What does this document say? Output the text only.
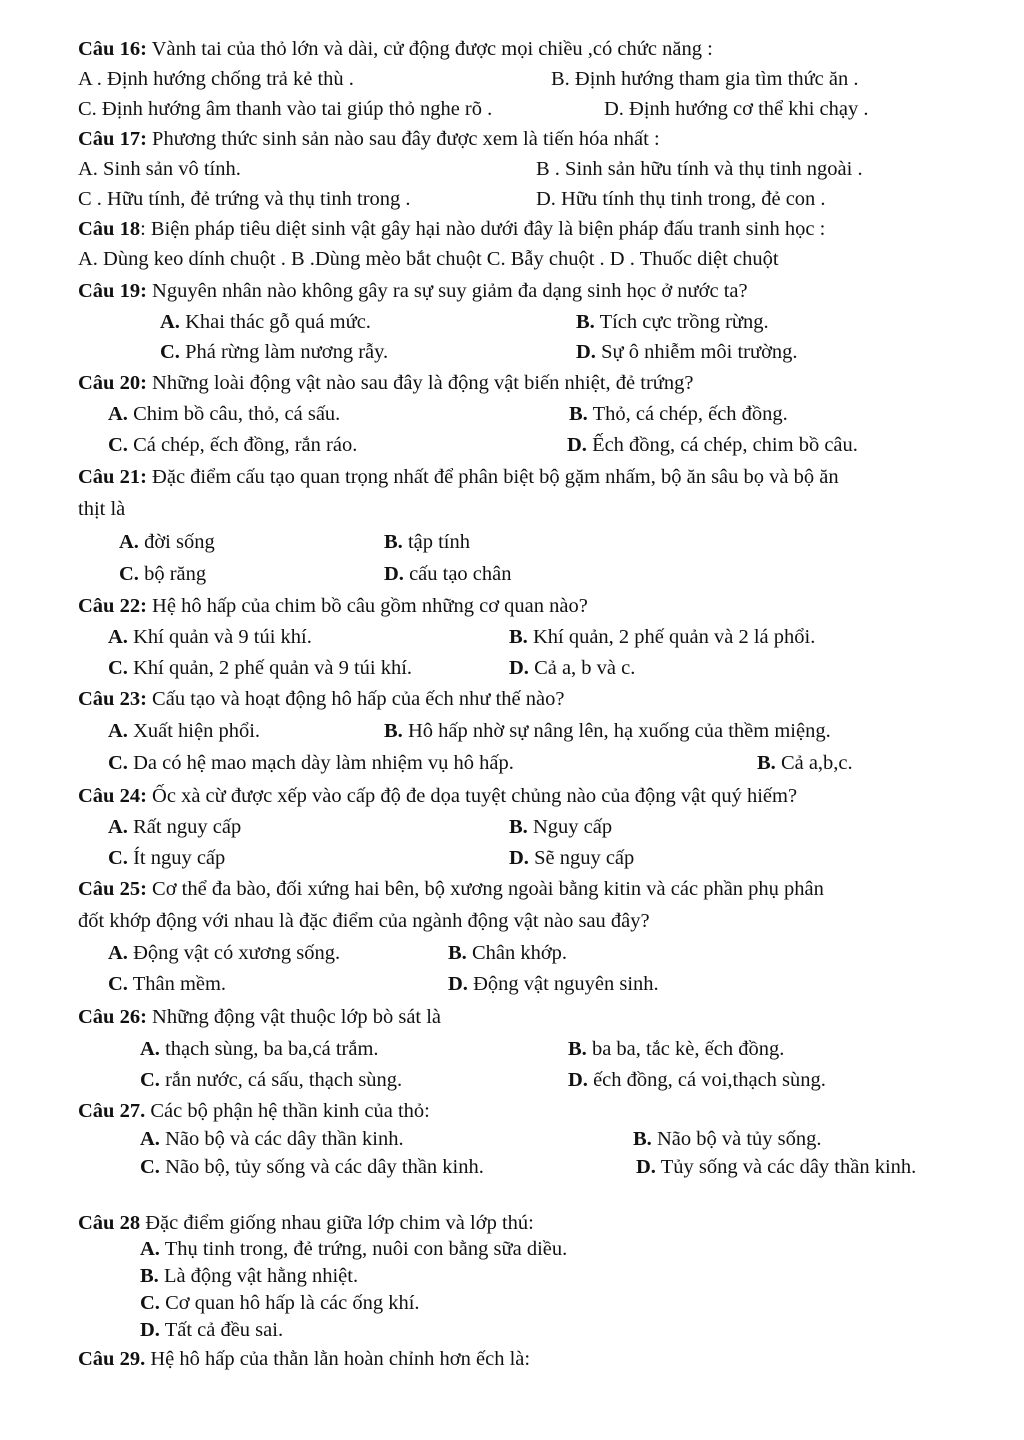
Câu 16: Vành tai của thỏ lớn và dài, cử động được mọi chiều ,có chức năng :
A . Định hướng chống trả kẻ thù .	B. Định hướng tham gia tìm thức ăn .
C. Định hướng âm thanh vào tai giúp thỏ nghe rõ .	D. Định hướng cơ thể khi chạy .
Câu 17: Phương thức sinh sản nào sau đây được xem là tiến hóa nhất :
A. Sinh sản vô tính.	B . Sinh sản hữu tính và thụ tinh ngoài .
C . Hữu tính, đẻ trứng và thụ tinh trong .	D. Hữu tính thụ tinh trong, đẻ con .
Câu 18: Biện pháp tiêu diệt sinh vật gây hại nào dưới đây là biện pháp đấu tranh sinh học :
A. Dùng keo dính chuột . B .Dùng mèo bắt chuột C. Bẫy chuột . D . Thuốc diệt chuột
Câu 19: Nguyên nhân nào không gây ra sự suy giảm đa dạng sinh học ở nước ta?
A. Khai thác gỗ quá mức.	B. Tích cực trồng rừng.
C. Phá rừng làm nương rẫy.	D. Sự ô nhiễm môi trường.
Câu 20: Những loài động vật nào sau đây là động vật biến nhiệt, đẻ trứng?
A. Chim bồ câu, thỏ, cá sấu.	B. Thỏ, cá chép, ếch đồng.
C. Cá chép, ếch đồng, rắn ráo.	D. Ếch đồng, cá chép, chim bồ câu.
Câu 21: Đặc điểm cấu tạo quan trọng nhất để phân biệt bộ gặm nhấm, bộ ăn sâu bọ và bộ ăn
thịt là
A. đời sống	B. tập tính
C. bộ răng	D. cấu tạo chân
Câu 22: Hệ hô hấp của chim bồ câu gồm những cơ quan nào?
A. Khí quản và 9 túi khí.	B. Khí quản, 2 phế quản và 2 lá phổi.
C. Khí quản, 2 phế quản và 9 túi khí.	D. Cả a, b và c.
Câu 23: Cấu tạo và hoạt động hô hấp của ếch như thế nào?
A. Xuất hiện phổi.	B. Hô hấp nhờ sự nâng lên, hạ xuống của thềm miệng.
C. Da có hệ mao mạch dày làm nhiệm vụ hô hấp.	B. Cả a,b,c.
Câu 24: Ốc xà cừ được xếp vào cấp độ đe dọa tuyệt chủng nào của động vật quý hiếm?
A. Rất nguy cấp	B. Nguy cấp
C. Ít nguy cấp	D. Sẽ nguy cấp
Câu 25: Cơ thể đa bào, đối xứng hai bên, bộ xương ngoài bằng kitin và các phần phụ phân
đốt khớp động với nhau là đặc điểm của ngành động vật nào sau đây?
A. Động vật có xương sống.	B. Chân khớp.
C. Thân mềm.	D. Động vật nguyên sinh.
Câu 26: Những động vật thuộc lớp bò sát là
A. thạch sùng, ba ba,cá trắm.	B. ba ba, tắc kè, ếch đồng.
C. rắn nước, cá sấu, thạch sùng.	D. ếch đồng, cá voi,thạch sùng.
Câu 27. Các bộ phận hệ thần kinh của thỏ:
A. Não bộ và các dây thần kinh.	B. Não bộ và tủy sống.
C. Não bộ, tủy sống và các dây thần kinh.	D. Tủy sống và các dây thần kinh.
Câu 28 Đặc điểm giống nhau giữa lớp chim và lớp thú:
A. Thụ tinh trong, đẻ trứng, nuôi con bằng sữa diều.
B. Là động vật hằng nhiệt.
C. Cơ quan hô hấp là các ống khí.
D. Tất cả đều sai.
Câu 29. Hệ hô hấp của thằn lằn hoàn chỉnh hơn ếch là:
